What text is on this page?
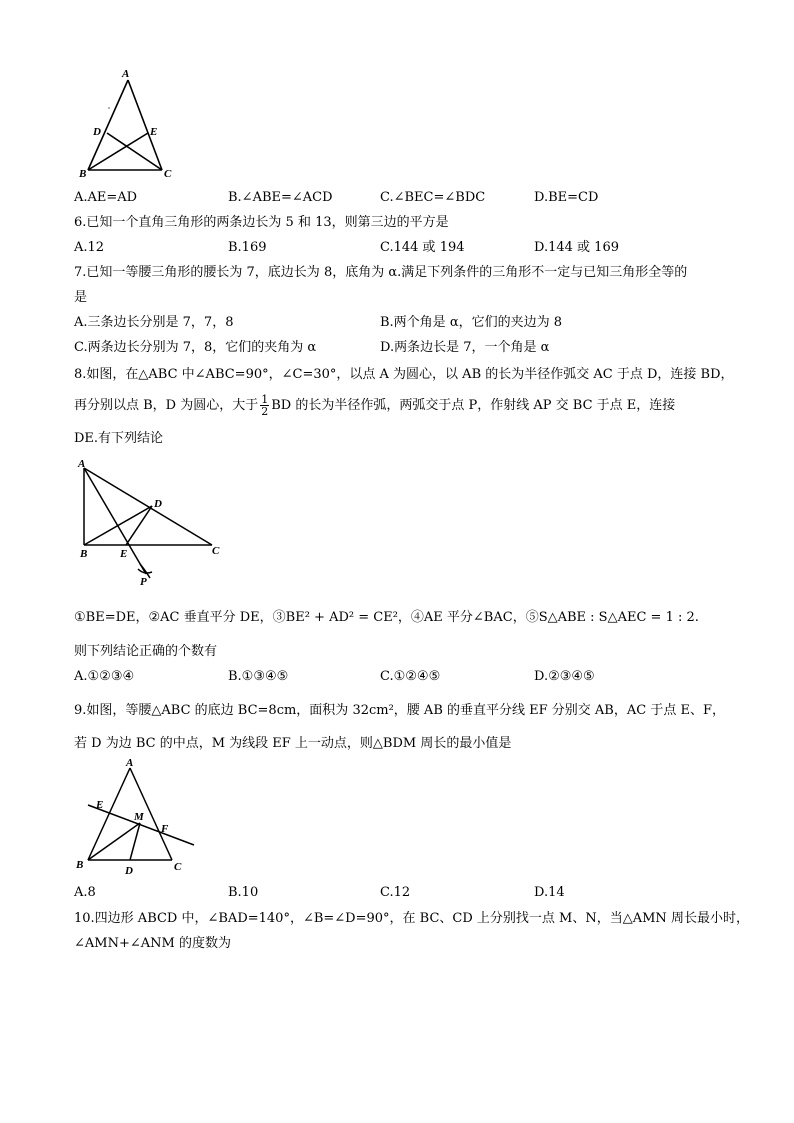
A
D	E
B	C
A.AE=AD	B.∠ABE=∠ACD	C.∠BEC=∠BDC	D.BE=CD
6.已知一个直角三角形的两条边长为 5 和 13，则第三边的平方是
A.12	B.169	C.144 或 194	D.144 或 169
7.已知一等腰三角形的腰长为 7，底边长为 8，底角为 α.满足下列条件的三角形不一定与已知三角形全等的
是
A.三条边长分别是 7，7，8	B.两个角是 α，它们的夹边为 8
C.两条边长分别为 7，8，它们的夹角为 α	D.两条边长是 7，一个角是 α
8.如图，在△ABC 中∠ABC=90°，∠C=30°，以点 A 为圆心，以 AB 的长为半径作弧交 AC 于点 D，连接 BD，
再分别以点 B，D 为圆心，大于 $\frac{1}{2}$ BD 的长为半径作弧，两弧交于点 P，作射线 AP 交 BC 于点 E，连接
DE.有下列结论
A
D
B	E	C
P
①BE=DE，②AC 垂直平分 DE，③BE² + AD² = CE²，④AE 平分∠BAC，⑤S△ABE : S△AEC = 1 : 2.
则下列结论正确的个数有
A.①②③④	B.①③④⑤	C.①②④⑤	D.②③④⑤
9.如图，等腰△ABC 的底边 BC=8cm，面积为 32cm²，腰 AB 的垂直平分线 EF 分别交 AB，AC 于点 E、F，
若 D 为边 BC 的中点，M 为线段 EF 上一动点，则△BDM 周长的最小值是
A
E
M
F
B	D	C
A.8	B.10	C.12	D.14
10.四边形 ABCD 中，∠BAD=140°，∠B=∠D=90°，在 BC、CD 上分别找一点 M、N，当△AMN 周长最小时，
∠AMN+∠ANM 的度数为
